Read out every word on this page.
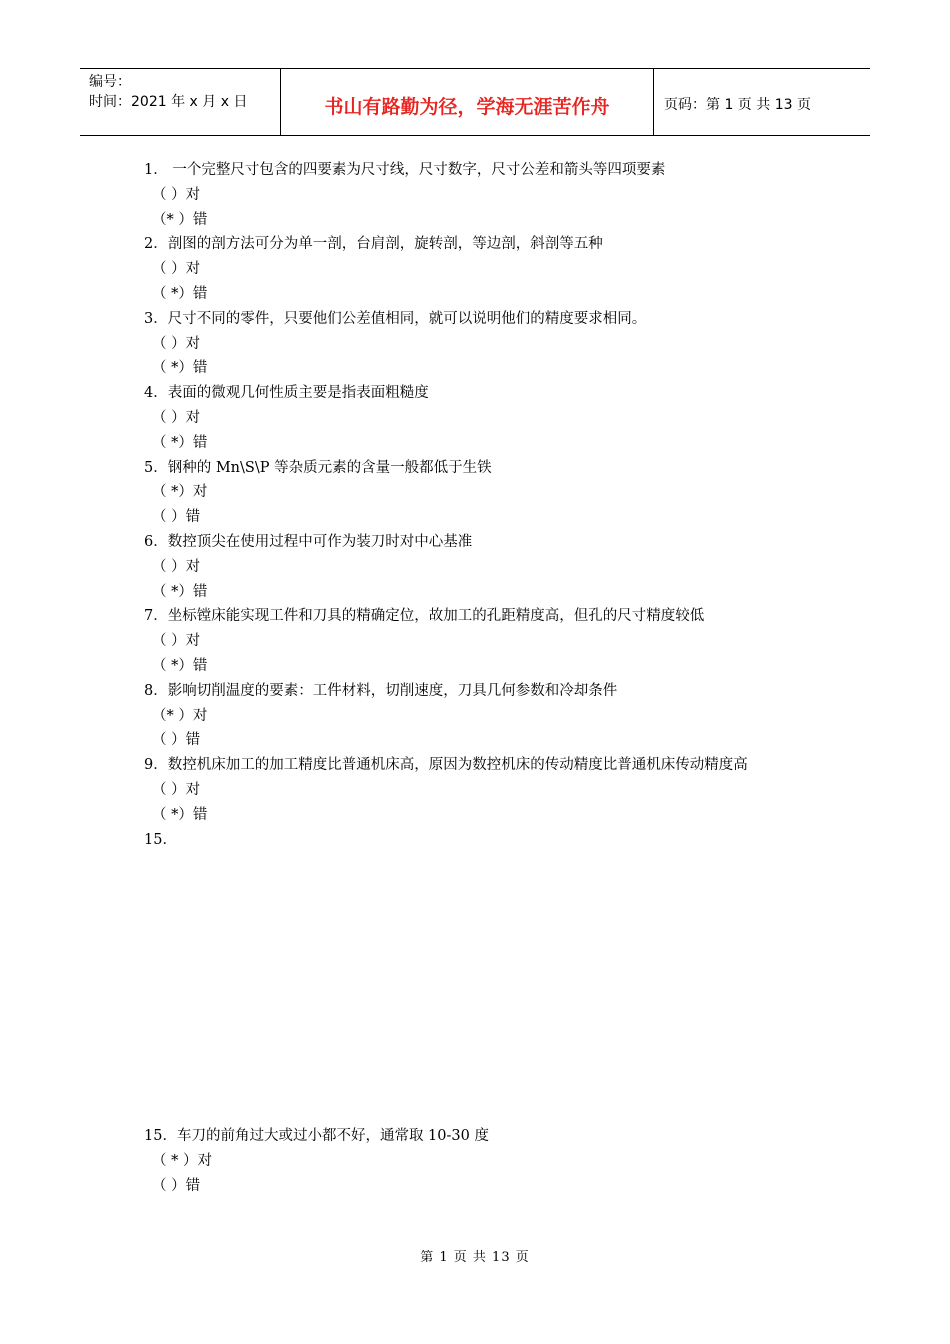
编号：
时间：2021 年 x 月 x 日	书山有路勤为径，学海无涯苦作舟	页码：第 1 页 共 13 页
1． 一个完整尺寸包含的四要素为尺寸线，尺寸数字，尺寸公差和箭头等四项要素
（ ）对
（* ）错
2．剖图的剖方法可分为单一剖，台肩剖，旋转剖，等边剖，斜剖等五种
（ ）对
（ *）错
3．尺寸不同的零件，只要他们公差值相同，就可以说明他们的精度要求相同。
（ ）对
（ *）错
4．表面的微观几何性质主要是指表面粗糙度
（ ）对
（ *）错
5．钢种的 Mn\S\P 等杂质元素的含量一般都低于生铁
（ *）对
（ ）错
6．数控顶尖在使用过程中可作为装刀时对中心基准
（ ）对
（ *）错
7．坐标镗床能实现工件和刀具的精确定位，故加工的孔距精度高，但孔的尺寸精度较低
（ ）对
（ *）错
8．影响切削温度的要素：工件材料，切削速度，刀具几何参数和冷却条件
（* ）对
（ ）错
9．数控机床加工的加工精度比普通机床高，原因为数控机床的传动精度比普通机床传动精度高
（ ）对
（ *）错
15．
15．车刀的前角过大或过小都不好，通常取 10-30 度
（ * ）对
（ ）错
第 1 页 共 13 页
